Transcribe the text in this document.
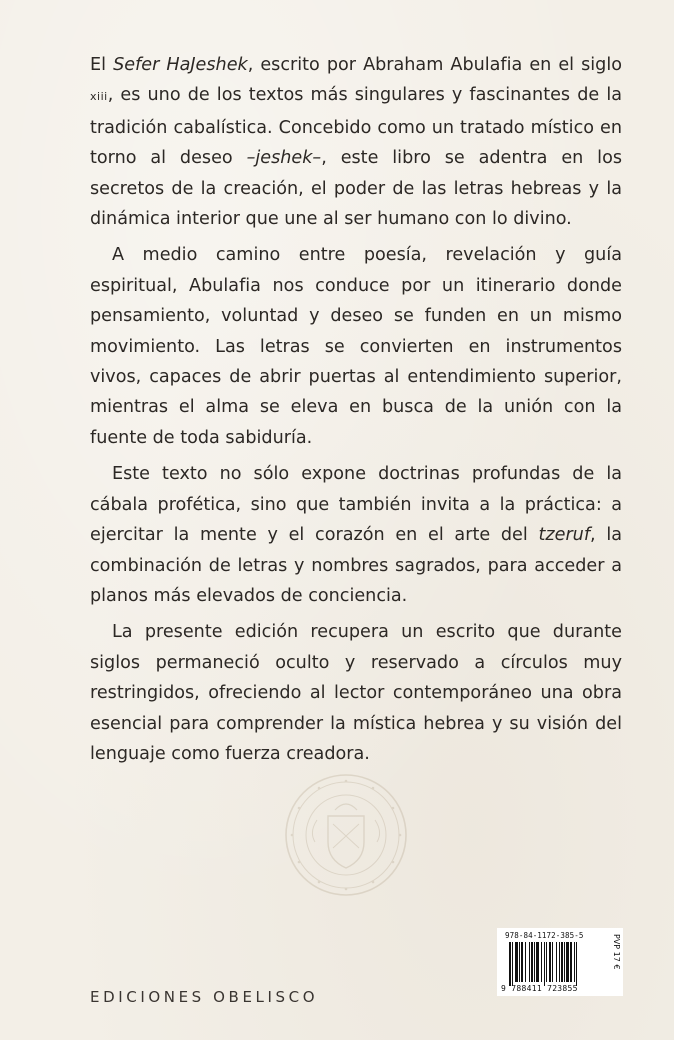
El Sefer HaJeshek, escrito por Abraham Abulafia en el siglo xiii, es uno de los textos más singulares y fascinantes de la tradición cabalística. Concebido como un tratado místico en torno al deseo –jeshek–, este libro se adentra en los secretos de la creación, el poder de las letras hebreas y la dinámica interior que une al ser humano con lo divino.

A medio camino entre poesía, revelación y guía espiritual, Abulafia nos conduce por un itinerario donde pensamiento, voluntad y deseo se funden en un mismo movimiento. Las letras se convierten en instrumentos vivos, capaces de abrir puertas al entendimiento superior, mientras el alma se eleva en busca de la unión con la fuente de toda sabiduría.

Este texto no sólo expone doctrinas profundas de la cábala profética, sino que también invita a la práctica: a ejercitar la mente y el corazón en el arte del tzeruf, la combinación de letras y nombres sagrados, para acceder a planos más elevados de conciencia.

La presente edición recupera un escrito que durante siglos permaneció oculto y reservado a círculos muy restringidos, ofreciendo al lector contemporáneo una obra esencial para comprender la mística hebrea y su visión del lenguaje como fuerza creadora.

EDICIONES OBELISCO
978-84-1172-385-5
9 788411 723855
PVP 17 €
